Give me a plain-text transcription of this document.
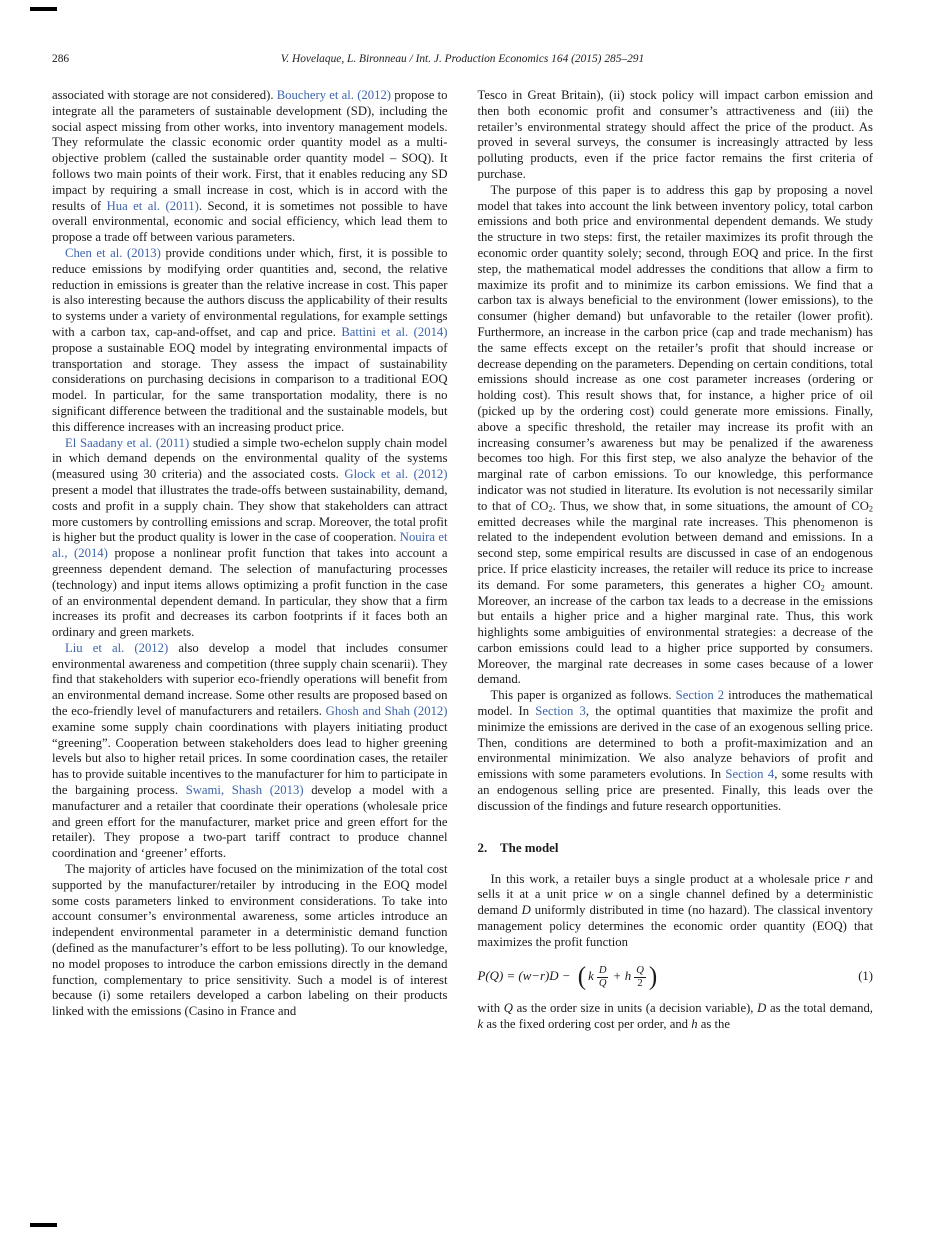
286	V. Hovelaque, L. Bironneau / Int. J. Production Economics 164 (2015) 285–291

associated with storage are not considered). Bouchery et al. (2012) propose to integrate all the parameters of sustainable development (SD), including the social aspect missing from other works, into inventory management models. They reformulate the classic economic order quantity model as a multi-objective problem (called the sustainable order quantity model – SOQ). It follows two main points of their work. First, that it enables reducing any SD impact by requiring a small increase in cost, which is in accord with the results of Hua et al. (2011). Second, it is sometimes not possible to have overall environmental, economic and social efficiency, which lead them to propose a trade off between various parameters.

Chen et al. (2013) provide conditions under which, first, it is possible to reduce emissions by modifying order quantities and, second, the relative reduction in emissions is greater than the relative increase in cost. This paper is also interesting because the authors discuss the applicability of their results to systems under a variety of environmental regulations, for example settings with a carbon tax, cap-and-offset, and cap and price. Battini et al. (2014) propose a sustainable EOQ model by integrating environmental impacts of transportation and storage. They assess the impact of sustainability considerations on purchasing decisions in comparison to a traditional EOQ model. In particular, for the same transportation modality, there is no significant difference between the traditional and the sustainable models, but this difference increases with an increasing product price.

El Saadany et al. (2011) studied a simple two-echelon supply chain model in which demand depends on the environmental quality of the systems (measured using 30 criteria) and the associated costs. Glock et al. (2012) present a model that illustrates the trade-offs between sustainability, demand, costs and profit in a supply chain. They show that stakeholders can attract more customers by controlling emissions and scrap. Moreover, the total profit is higher but the product quality is lower in the case of cooperation. Nouira et al., (2014) propose a nonlinear profit function that takes into account a greenness dependent demand. The selection of manufacturing processes (technology) and input items allows optimizing a profit function in the case of an environmental dependent demand. In particular, they show that a firm increases its profit and decreases its carbon footprints if it faces both an ordinary and green markets.

Liu et al. (2012) also develop a model that includes consumer environmental awareness and competition (three supply chain scenarii). They find that stakeholders with superior eco-friendly operations will benefit from an environmental demand increase. Some other results are proposed based on the eco-friendly level of manufacturers and retailers. Ghosh and Shah (2012) examine some supply chain coordinations with players initiating product “greening”. Cooperation between stakeholders does lead to higher greening levels but also to higher retail prices. In some coordination cases, the retailer has to provide suitable incentives to the manufacturer for him to participate in the bargaining process. Swami, Shash (2013) develop a model with a manufacturer and a retailer that coordinate their operations (wholesale price and green effort for the manufacturer, market price and green effort for the retailer). They propose a two-part tariff contract to produce channel coordination and ‘greener’ efforts.

The majority of articles have focused on the minimization of the total cost supported by the manufacturer/retailer by introducing in the EOQ model some costs parameters linked to environment considerations. To take into account consumer’s environmental awareness, some articles introduce an independent environmental parameter in a deterministic demand function (defined as the manufacturer’s effort to be less polluting). To our knowledge, no model proposes to introduce the carbon emissions directly in the demand function, complementary to price sensitivity. Such a model is of interest because (i) some retailers developed a carbon labeling on their products linked with the emissions (Casino in France and

Tesco in Great Britain), (ii) stock policy will impact carbon emission and then both economic profit and consumer’s attractiveness and (iii) the retailer’s environmental strategy should affect the price of the product. As proved in several surveys, the consumer is increasingly attracted by less polluting products, even if the price factor remains the first criteria of purchase.

The purpose of this paper is to address this gap by proposing a novel model that takes into account the link between inventory policy, total carbon emissions and both price and environmental dependent demands. We study the structure in two steps: first, the retailer maximizes its profit through the economic order quantity solely; second, through EOQ and price. In the first step, the mathematical model addresses the conditions that allow a firm to maximize its profit and to minimize its carbon emissions. We find that a carbon tax is always beneficial to the environment (lower emissions), to the consumer (higher demand) but unfavorable to the retailer (lower profit). Furthermore, an increase in the carbon price (cap and trade mechanism) has the same effects except on the retailer’s profit that should increase or decrease depending on the parameters. Depending on certain conditions, total emissions should increase as one cost parameter increases (ordering or holding cost). This result shows that, for instance, a higher price of oil (picked up by the ordering cost) could generate more emissions. Finally, above a specific threshold, the retailer may increase its profit with an increasing consumer’s awareness but may be penalized if the awareness becomes too high. For this first step, we also analyze the behavior of the marginal rate of carbon emissions. To our knowledge, this performance indicator was not studied in literature. Its evolution is not necessarily similar to that of CO2. Thus, we show that, in some situations, the amount of CO2 emitted decreases while the marginal rate increases. This phenomenon is related to the independent evolution between demand and emissions. In a second step, some empirical results are discussed in case of an endogenous price. If price elasticity increases, the retailer will reduce its price to increase its demand. For some parameters, this generates a higher CO2 amount. Moreover, an increase of the carbon tax leads to a decrease in the emissions but entails a higher price and a higher marginal rate. Thus, this work highlights some ambiguities of environmental strategies: a decrease of the carbon emissions could lead to a higher price supported by consumers. Moreover, the marginal rate decreases in some cases because of a lower demand.

This paper is organized as follows. Section 2 introduces the mathematical model. In Section 3, the optimal quantities that maximize the profit and minimize the emissions are derived in the case of an exogenous selling price. Then, conditions are determined to both a profit-maximization and an environmental minimization. We also analyze behaviors of profit and emissions with some parameters evolutions. In Section 4, some results with an endogenous selling price are presented. Finally, this leads over the discussion of the findings and future research opportunities.

2. The model

In this work, a retailer buys a single product at a wholesale price r and sells it at a unit price w on a single channel defined by a deterministic demand D uniformly distributed in time (no hazard). The classical inventory management policy determines the economic order quantity (EOQ) that maximizes the profit function

P(Q) = (w−r)D − ( k $\frac{D}{Q} + h \frac{Q}{2}$ )	(1)

with Q as the order size in units (a decision variable), D as the total demand, k as the fixed ordering cost per order, and h as the
